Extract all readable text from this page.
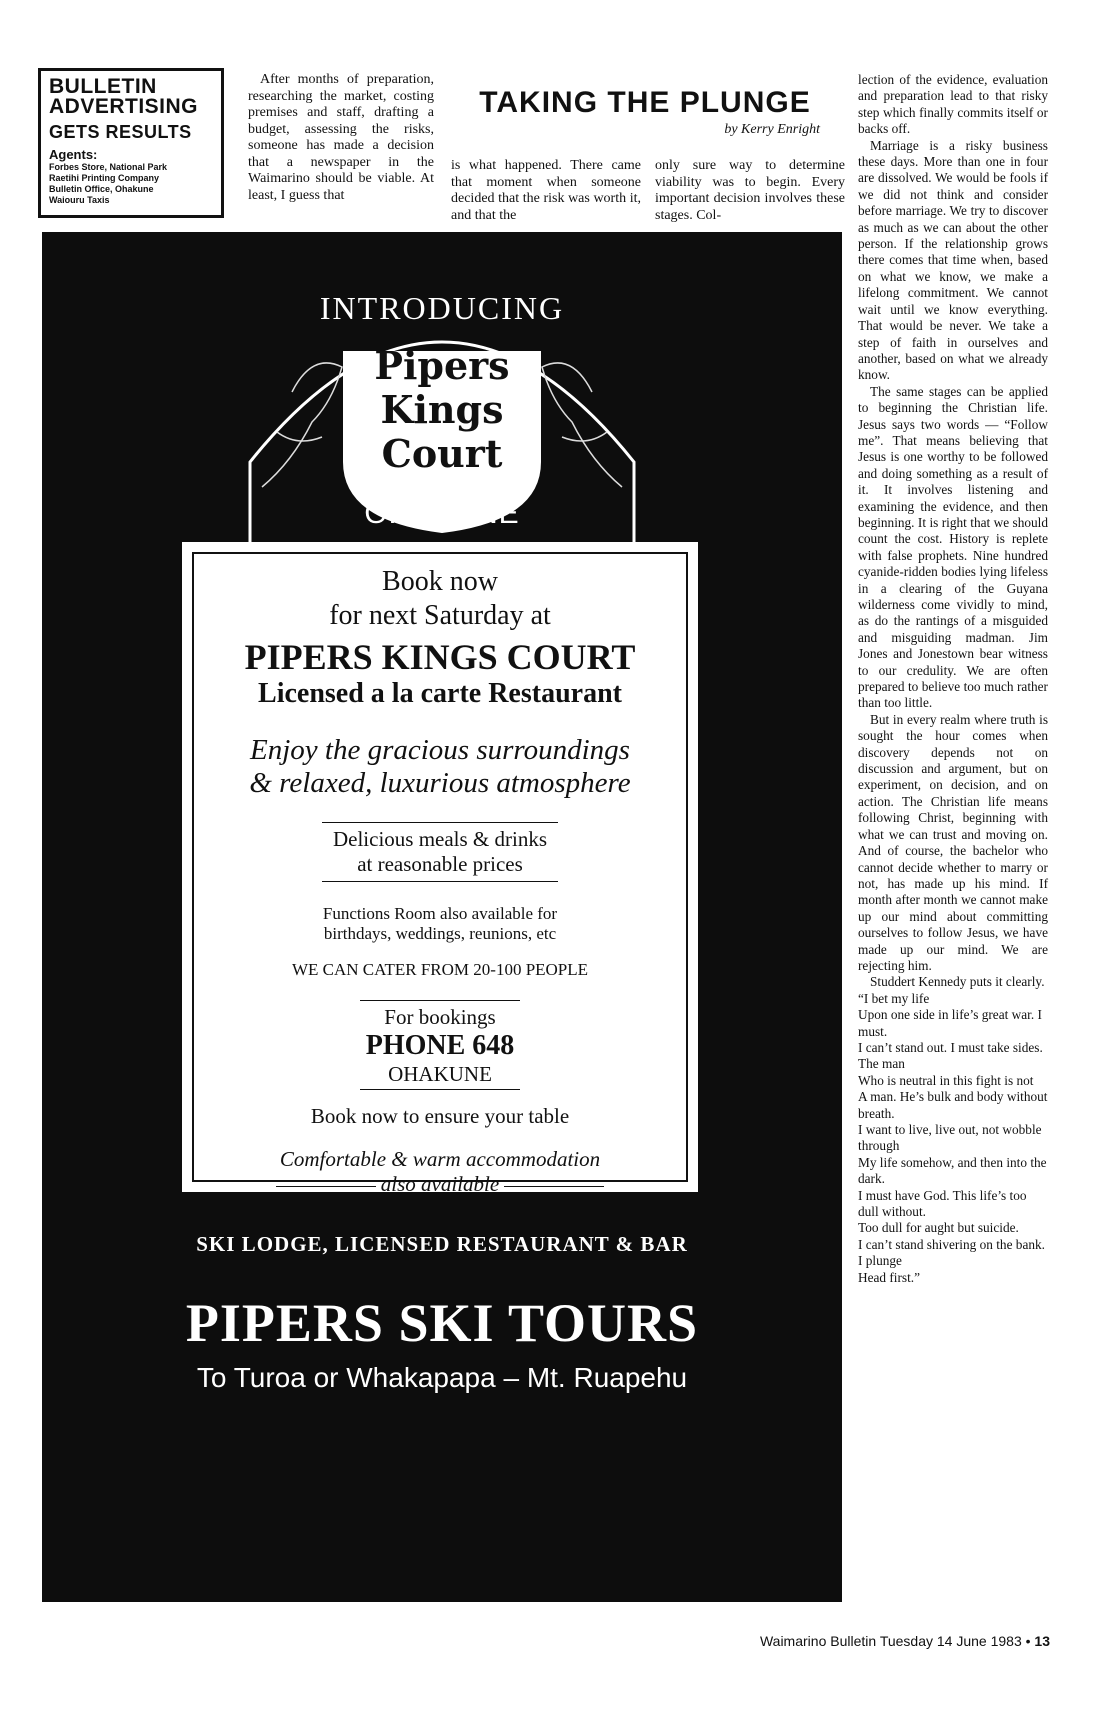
BULLETIN
ADVERTISING
GETS RESULTS
Agents:
Forbes Store, National Park
Raetihi Printing Company
Bulletin Office, Ohakune
Waiouru Taxis

After months of preparation, researching the market, costing premises and staff, drafting a budget, assessing the risks, someone has made a decision that a newspaper in the Waimarino should be viable. At least, I guess that

TAKING THE PLUNGE
by Kerry Enright

is what happened. There came that moment when someone decided that the risk was worth it, and that the

only sure way to determine viability was to begin. Every important decision involves these stages. Col-

lection of the evidence, evaluation and preparation lead to that risky step which finally commits itself or backs off.

Marriage is a risky business these days. More than one in four are dissolved. We would be fools if we did not think and consider before marriage. We try to discover as much as we can about the other person. If the relationship grows there comes that time when, based on what we know, we make a lifelong commitment. We cannot wait until we know everything. That would be never. We take a step of faith in ourselves and another, based on what we already know.

The same stages can be applied to beginning the Christian life. Jesus says two words — “Follow me”. That means believing that Jesus is one worthy to be followed and doing something as a result of it. It involves listening and examining the evidence, and then beginning. It is right that we should count the cost. History is replete with false prophets. Nine hundred cyanide-ridden bodies lying lifeless in a clearing of the Guyana wilderness come vividly to mind, as do the rantings of a misguided and misguiding madman. Jim Jones and Jonestown bear witness to our credulity. We are often prepared to believe too much rather than too little.

But in every realm where truth is sought the hour comes when discovery depends not on discussion and argument, but on experiment, on decision, and on action. The Christian life means following Christ, beginning with what we can trust and moving on. And of course, the bachelor who cannot decide whether to marry or not, has made up his mind. If month after month we cannot make up our mind about committing ourselves to follow Jesus, we have made up our mind. We are rejecting him.

Studdert Kennedy puts it clearly.

“I bet my life
Upon one side in life’s great war. I must.
I can’t stand out. I must take sides. The man
Who is neutral in this fight is not
A man. He’s bulk and body without breath.
I want to live, live out, not wobble through
My life somehow, and then into the dark.
I must have God. This life’s too dull without.
Too dull for aught but suicide.
I can’t stand shivering on the bank. I plunge
Head first.”
INTRODUCING
Pipers
Kings
Court
OHAKUNE
Book now
for next Saturday at
PIPERS KINGS COURT
Licensed a la carte Restaurant
Enjoy the gracious surroundings
& relaxed, luxurious atmosphere
Delicious meals & drinks
at reasonable prices
Functions Room also available for
birthdays, weddings, reunions, etc
WE CAN CATER FROM 20-100 PEOPLE
For bookings
PHONE 648
OHAKUNE
Book now to ensure your table
Comfortable & warm accommodation
also available
SKI LODGE, LICENSED RESTAURANT & BAR
PIPERS SKI TOURS
To Turoa or Whakapapa – Mt. Ruapehu
Waimarino Bulletin Tuesday 14 June 1983 • 13
